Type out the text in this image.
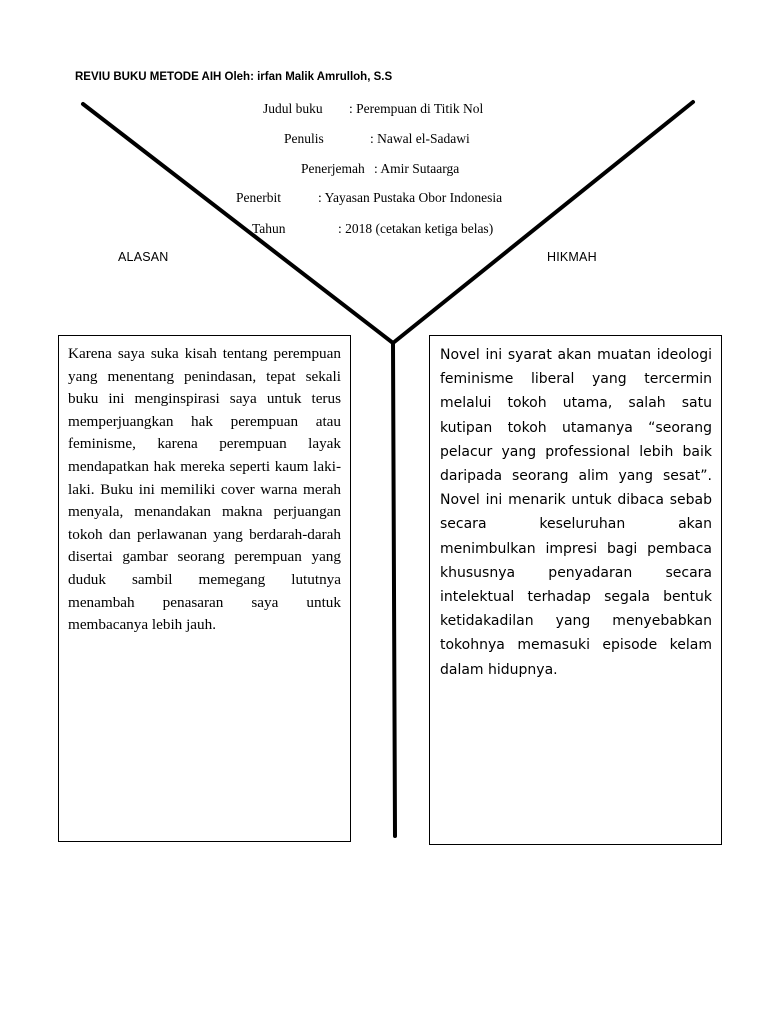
REVIU BUKU METODE AIH Oleh: irfan Malik Amrulloh, S.S
Judul buku : Perempuan di Titik Nol
Penulis	: Nawal el-Sadawi
Penerjemah : Amir Sutaarga
Penerbit	: Yayasan Pustaka Obor Indonesia
Tahun	: 2018 (cetakan ketiga belas)
ALASAN	HIKMAH

Karena saya suka kisah tentang perempuan yang menentang penindasan, tepat sekali buku ini menginspirasi saya untuk terus memperjuangkan hak perempuan atau feminisme, karena perempuan layak mendapatkan hak mereka seperti kaum laki-laki. Buku ini memiliki cover warna merah menyala, menandakan makna perjuangan tokoh dan perlawanan yang berdarah-darah disertai gambar seorang perempuan yang duduk sambil memegang lututnya menambah penasaran saya untuk membacanya lebih jauh.

Novel ini syarat akan muatan ideologi feminisme liberal yang tercermin melalui tokoh utama, salah satu kutipan tokoh utamanya “seorang pelacur yang professional lebih baik daripada seorang alim yang sesat”. Novel ini menarik untuk dibaca sebab secara keseluruhan akan menimbulkan impresi bagi pembaca khususnya penyadaran secara intelektual terhadap segala bentuk ketidakadilan yang menyebabkan tokohnya memasuki episode kelam dalam hidupnya.
